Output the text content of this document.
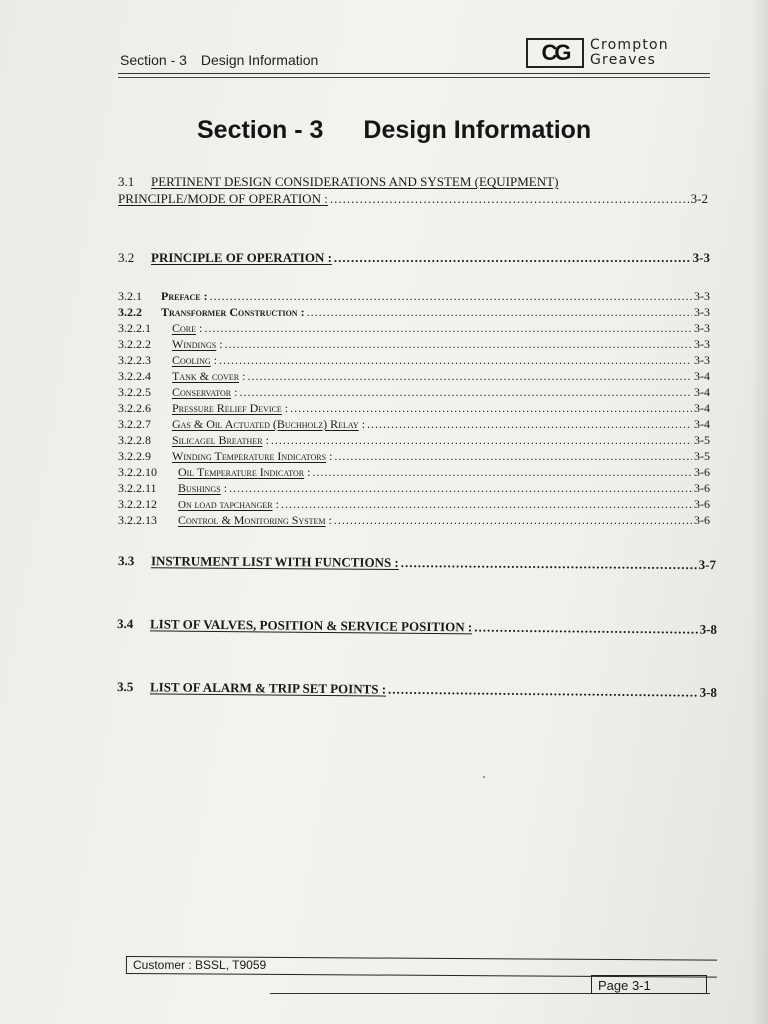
Section - 3 Design Information	CG Crompton
Greaves
Section - 3 Design Information
3.1	PERTINENT DESIGN CONSIDERATIONS AND SYSTEM (EQUIPMENT)
PRINCIPLE/MODE OF OPERATION : .....	3-2
3.2	PRINCIPLE OF OPERATION : .....	3-3
3.2.1	Preface : .....	3-3
3.2.2	Transformer Construction : .....	3-3
3.2.2.1	Core : .....	3-3
3.2.2.2	Windings : .....	3-3
3.2.2.3	Cooling : .....	3-3
3.2.2.4	Tank & cover : .....	3-4
3.2.2.5	Conservator : .....	3-4
3.2.2.6	Pressure Relief Device : .....	3-4
3.2.2.7	Gas & Oil Actuated (Buchholz) Relay : .....	3-4
3.2.2.8	Silicagel Breather : .....	3-5
3.2.2.9	Winding Temperature Indicators : .....	3-5
3.2.2.10	Oil Temperature Indicator : .....	3-6
3.2.2.11	Bushings : .....	3-6
3.2.2.12	On load tapchanger : .....	3-6
3.2.2.13	Control & Monitoring System : .....	3-6
3.3	INSTRUMENT LIST WITH FUNCTIONS : .....	3-7
3.4	LIST OF VALVES, POSITION & SERVICE POSITION : .....	3-8
3.5	LIST OF ALARM & TRIP SET POINTS : .....	3-8
Customer : BSSL, T9059
Page 3-1
